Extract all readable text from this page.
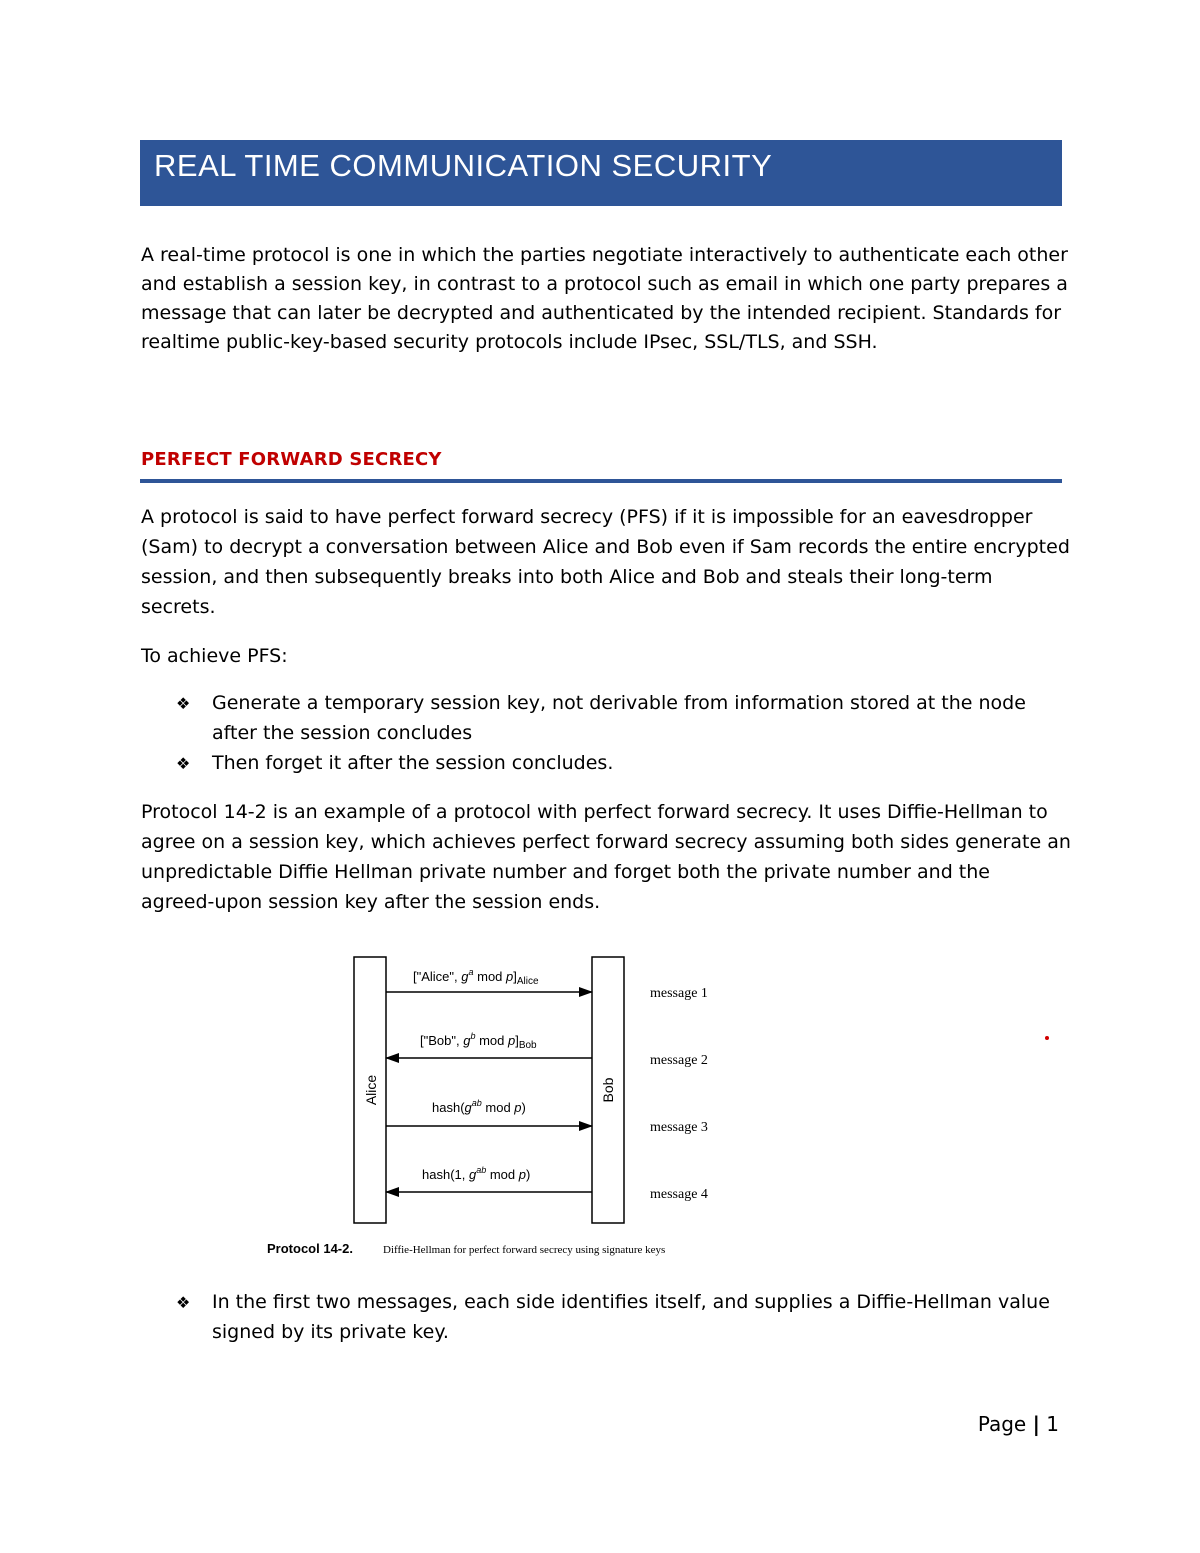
REAL TIME COMMUNICATION SECURITY

A real-time protocol is one in which the parties negotiate interactively to authenticate each other
and establish a session key, in contrast to a protocol such as email in which one party prepares a
message that can later be decrypted and authenticated by the intended recipient. Standards for
realtime public-key-based security protocols include IPsec, SSL/TLS, and SSH.

PERFECT FORWARD SECRECY

A protocol is said to have perfect forward secrecy (PFS) if it is impossible for an eavesdropper
(Sam) to decrypt a conversation between Alice and Bob even if Sam records the entire encrypted
session, and then subsequently breaks into both Alice and Bob and steals their long-term
secrets.

To achieve PFS:

❖ Generate a temporary session key, not derivable from information stored at the node
after the session concludes

❖ Then forget it after the session concludes.

Protocol 14-2 is an example of a protocol with perfect forward secrecy. It uses Diffie-Hellman to
agree on a session key, which achieves perfect forward secrecy assuming both sides generate an
unpredictable Diffie Hellman private number and forget both the private number and the
agreed-upon session key after the session ends.

Alice	Bob
["Alice", $g^a$ mod $p]_{Alice}$
message 1
["Bob", $g^b$ mod $p]_{Bob}$
message 2
$hash(g^{ab}$ mod p)
message 3
hash(1, $g^{ab}$ mod p)
message 4
Protocol 14-2.	Diffie-Hellman for perfect forward secrecy using signature keys
❖ In the first two messages, each side identifies itself, and supplies a Diffie-Hellman value
signed by its private key.

Page | 1
